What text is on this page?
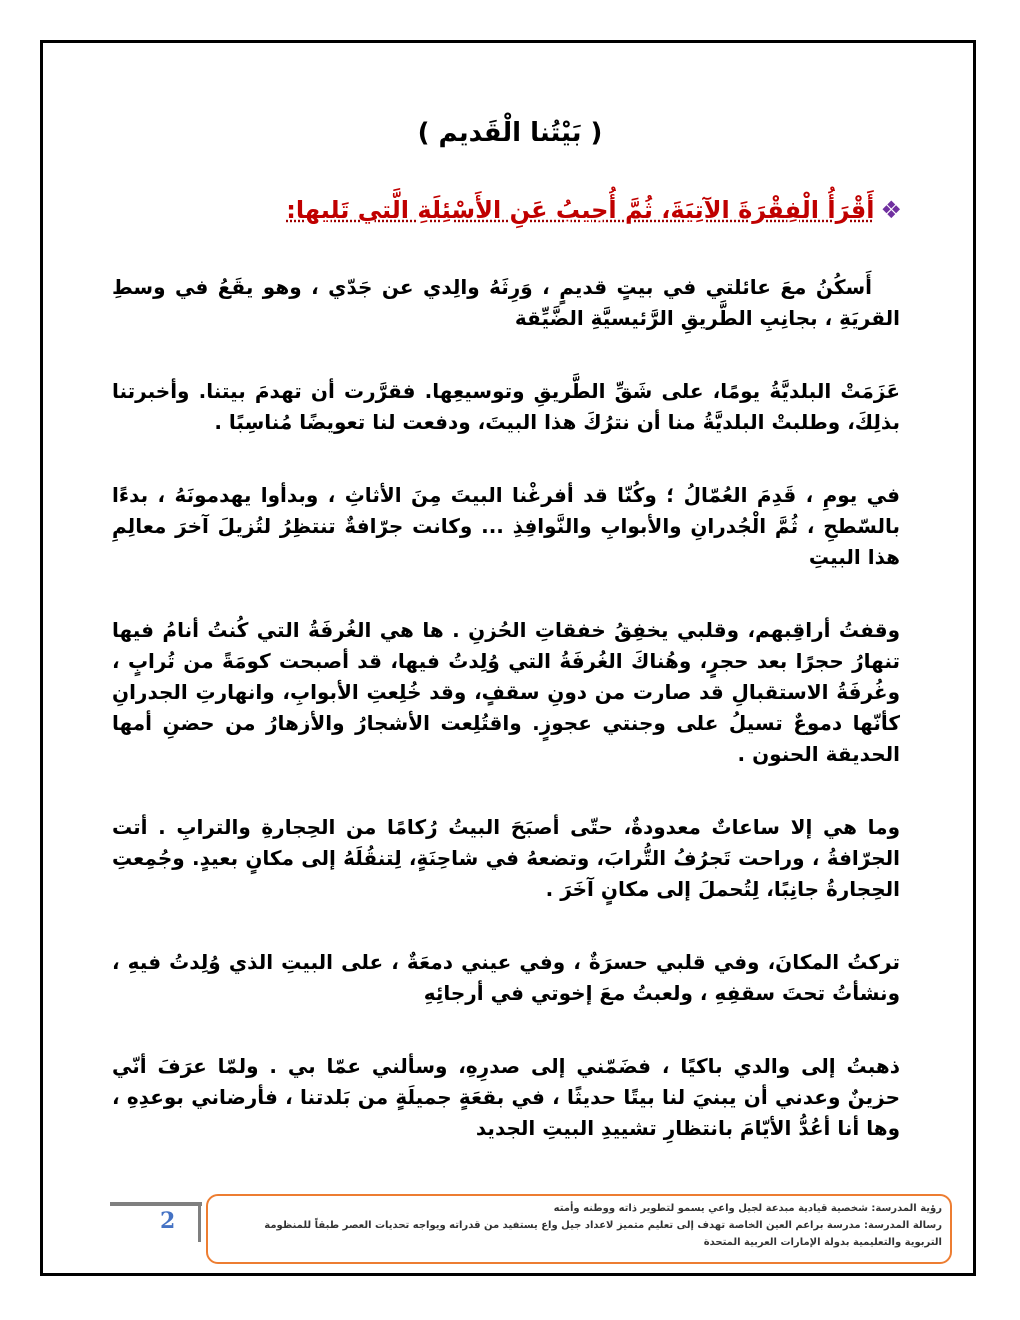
( بَيْتُنا الْقَديم )
❖أَقْرَأُ الْفِقْرَةَ الآتِيَةَ، ثُمَّ أُجيبُ عَنِ الأَسْئِلَةِ الَّتي تَليها:

أَسكُنُ معَ عائلتي في بيتٍ قديمٍ ، وَرِثَهُ والِدي عن جَدّي ، وهو يقَعُ في وسطِ القريَةِ ، بجانِبِ الطَّريقِ الرَّئيسيَّةِ الضَّيِّقة

عَزَمَتْ البلديَّةُ يومًا، على شَقِّ الطَّريقِ وتوسيعِها. فقرَّرت أن تهدمَ بيتنا. وأخبرتنا بذلِكَ، وطلبتْ البلديَّةُ منا أن نترُكَ هذا البيتَ، ودفعت لنا تعويضًا مُناسِبًا .

في يومِ ، قَدِمَ العُمّالُ ؛ وكُنّا قد أفرغْنا البيتَ مِنَ الأثاثِ ، وبدأوا يهدمونَهُ ، بدءًا بالسّطحِ ، ثُمَّ الْجُدرانِ والأبوابِ والنَّوافِذِ ... وكانت جرّافةٌ تنتظِرُ لتُزيلَ آخرَ معالِمِ هذا البيتِ

وقفتُ أراقِبهم، وقلبي يخفِقُ خفقاتِ الحُزنِ . ها هي الغُرفَةُ التي كُنتُ أنامُ فيها تنهارُ حجرًا بعد حجرٍ، وهُناكَ الغُرفَةُ التي وُلِدتُ فيها، قد أصبحت كومَةً من تُرابٍ ، وغُرفَةُ الاستقبالِ قد صارت من دونِ سقفٍ، وقد خُلِعتِ الأبوابِ، وانهارتِ الجدرانِ كأنّها دموعٌ تسيلُ على وجنتي عجوزٍ. واقتُلِعت الأشجارُ والأزهارُ من حضنِ أمها الحديقة الحنون .

وما هي إلا ساعاتٌ معدودةٌ، حتّى أصبَحَ البيتُ رُكامًا من الحِجارةِ والترابِ . أتت الجرّافةُ ، وراحت تَجرُفُ التُّرابَ، وتضعهُ في شاحِنَةٍ، لِتنقُلَهُ إلى مكانٍ بعيدٍ. وجُمِعتِ الحِجارةُ جانِبًا، لِتُحملَ إلى مكانٍ آخَرَ .

تركتُ المكانَ، وفي قلبي حسرَةٌ ، وفي عيني دمعَةٌ ، على البيتِ الذي وُلِدتُ فيهِ ، ونشأتُ تحتَ سقفِهِ ، ولعبتُ معَ إخوتي في أرجائِهِ

ذهبتُ إلى والدي باكيًا ، فضَمّني إلى صدرِهِ، وسألني عمّا بي . ولمّا عرَفَ أنّي حزينٌ وعدني أن يبنيَ لنا بيتًا حديثًا ، في بقعَةٍ جميلَةٍ من بَلدتنا ، فأرضاني بوعدِهِ ، وها أنا أعُدُّ الأيّامَ بانتظارِ تشييدِ البيتِ الجديد

2	رؤية المدرسة: شخصية قيادية مبدعة لجيل واعي يسمو لتطوير ذاته ووطنه وأمته
رسالة المدرسة: مدرسة براعم العين الخاصة تهدف إلى تعليم متميز لاعداد جيل واع يستفيد من قدراته ويواجه تحديات العصر طبقاً للمنظومة
التربوية والتعليمية بدولة الإمارات العربية المتحدة
